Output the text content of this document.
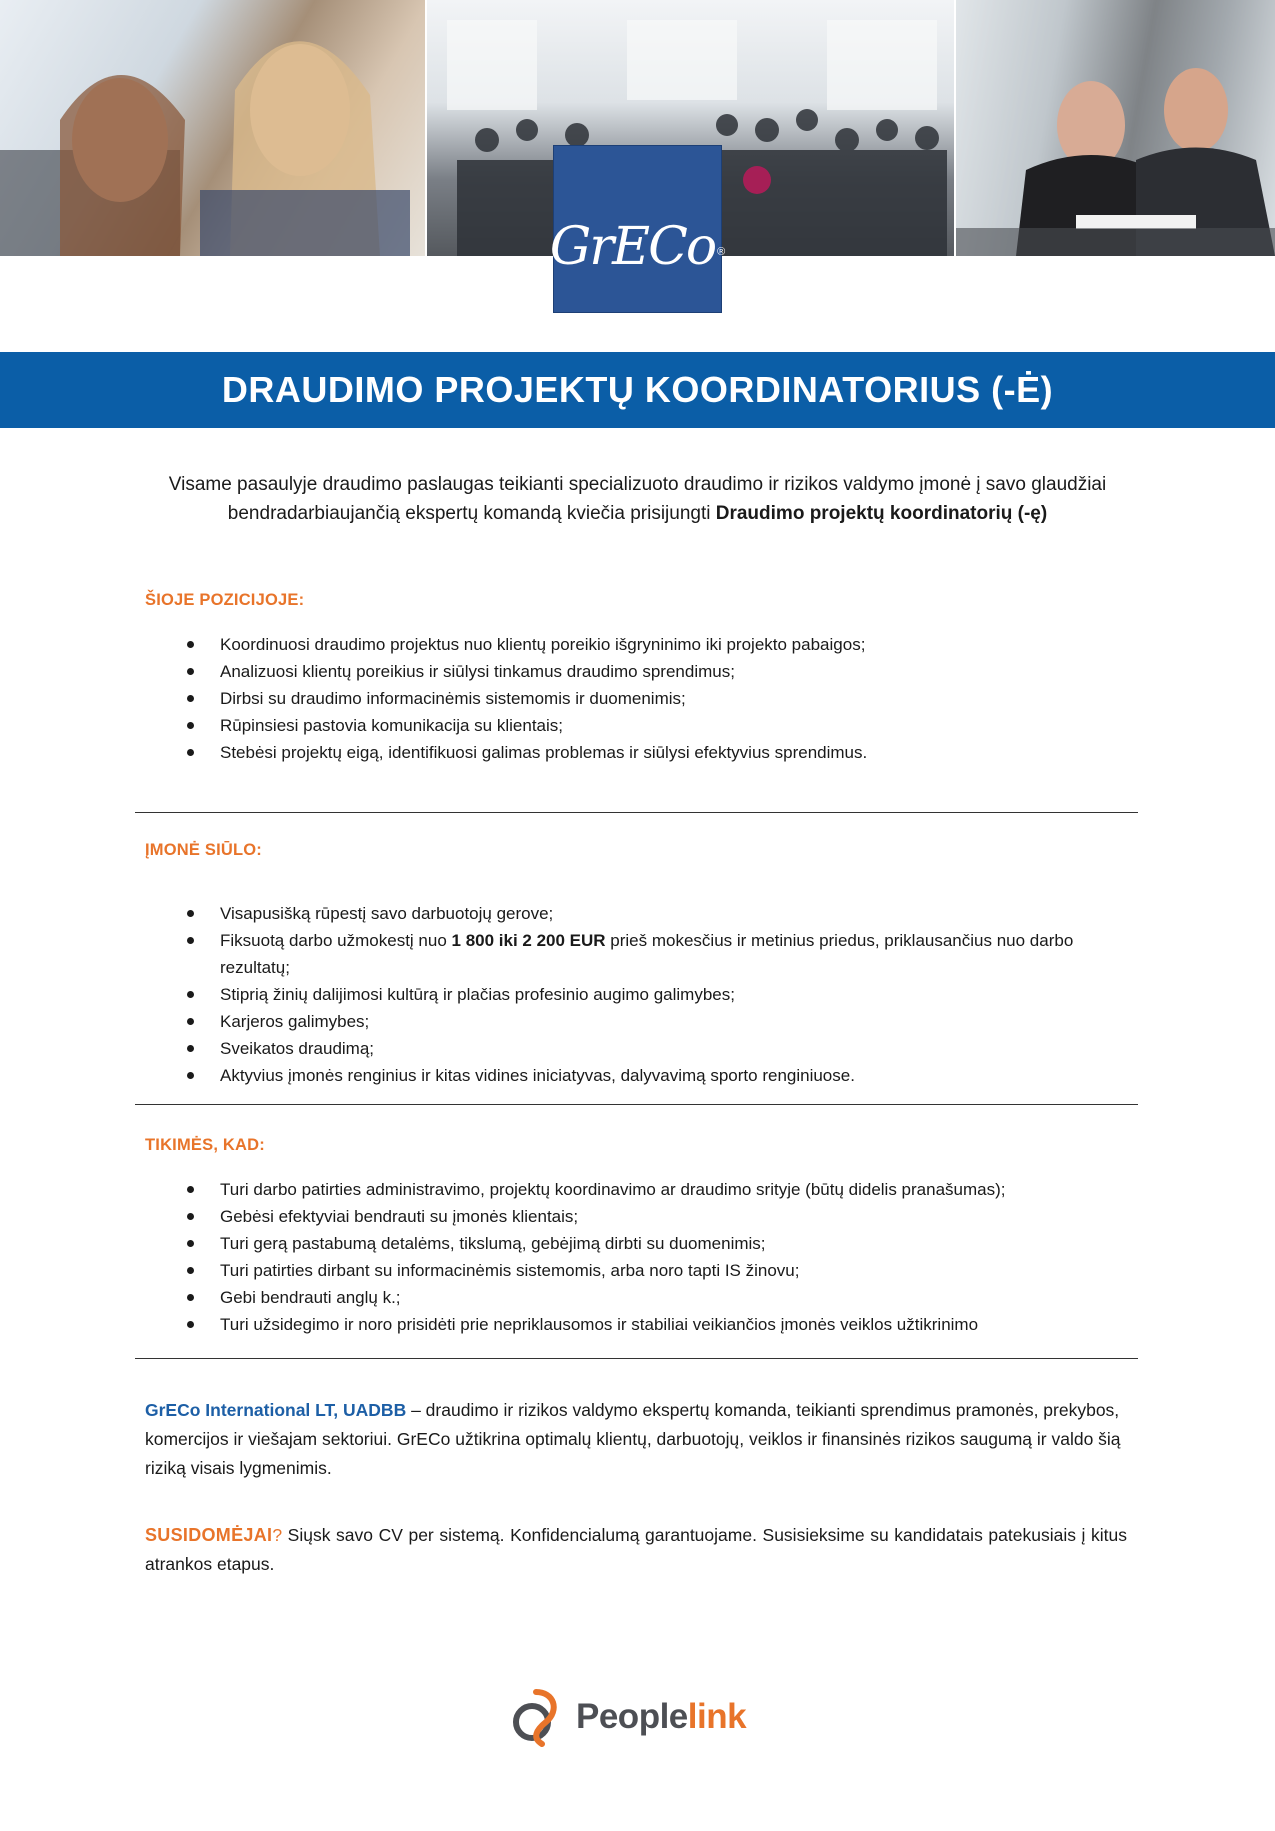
GrECo ®
DRAUDIMO PROJEKTŲ KOORDINATORIUS (-Ė)
Visame pasaulyje draudimo paslaugas teikianti specializuoto draudimo ir rizikos valdymo įmonė į savo glaudžiai bendradarbiaujančią ekspertų komandą kviečia prisijungti Draudimo projektų koordinatorių (-ę)

ŠIOJE POZICIJOJE:

Koordinuosi draudimo projektus nuo klientų poreikio išgryninimo iki projekto pabaigos;
Analizuosi klientų poreikius ir siūlysi tinkamus draudimo sprendimus;
Dirbsi su draudimo informacinėmis sistemomis ir duomenimis;
Rūpinsiesi pastovia komunikacija su klientais;
Stebėsi projektų eigą, identifikuosi galimas problemas ir siūlysi efektyvius sprendimus.

ĮMONĖ SIŪLO:

Visapusišką rūpestį savo darbuotojų gerove;
Fiksuotą darbo užmokestį nuo 1 800 iki 2 200 EUR prieš mokesčius ir metinius priedus, priklausančius nuo darbo rezultatų;
Stiprią žinių dalijimosi kultūrą ir plačias profesinio augimo galimybes;
Karjeros galimybes;
Sveikatos draudimą;
Aktyvius įmonės renginius ir kitas vidines iniciatyvas, dalyvavimą sporto renginiuose.

TIKIMĖS, KAD:

Turi darbo patirties administravimo, projektų koordinavimo ar draudimo srityje (būtų didelis pranašumas);
Gebėsi efektyviai bendrauti su įmonės klientais;
Turi gerą pastabumą detalėms, tikslumą, gebėjimą dirbti su duomenimis;
Turi patirties dirbant su informacinėmis sistemomis, arba noro tapti IS žinovu;
Gebi bendrauti anglų k.;
Turi užsidegimo ir noro prisidėti prie nepriklausomos ir stabiliai veikiančios įmonės veiklos užtikrinimo
GrECo International LT, UADBB – draudimo ir rizikos valdymo ekspertų komanda, teikianti sprendimus pramonės, prekybos, komercijos ir viešajam sektoriui. GrECo užtikrina optimalų klientų, darbuotojų, veiklos ir finansinės rizikos saugumą ir valdo šią riziką visais lygmenimis.
SUSIDOMĖJAI? Siųsk savo CV per sistemą. Konfidencialumą garantuojame. Susisieksime su kandidatais patekusiais į kitus atrankos etapus.
Peoplelink
